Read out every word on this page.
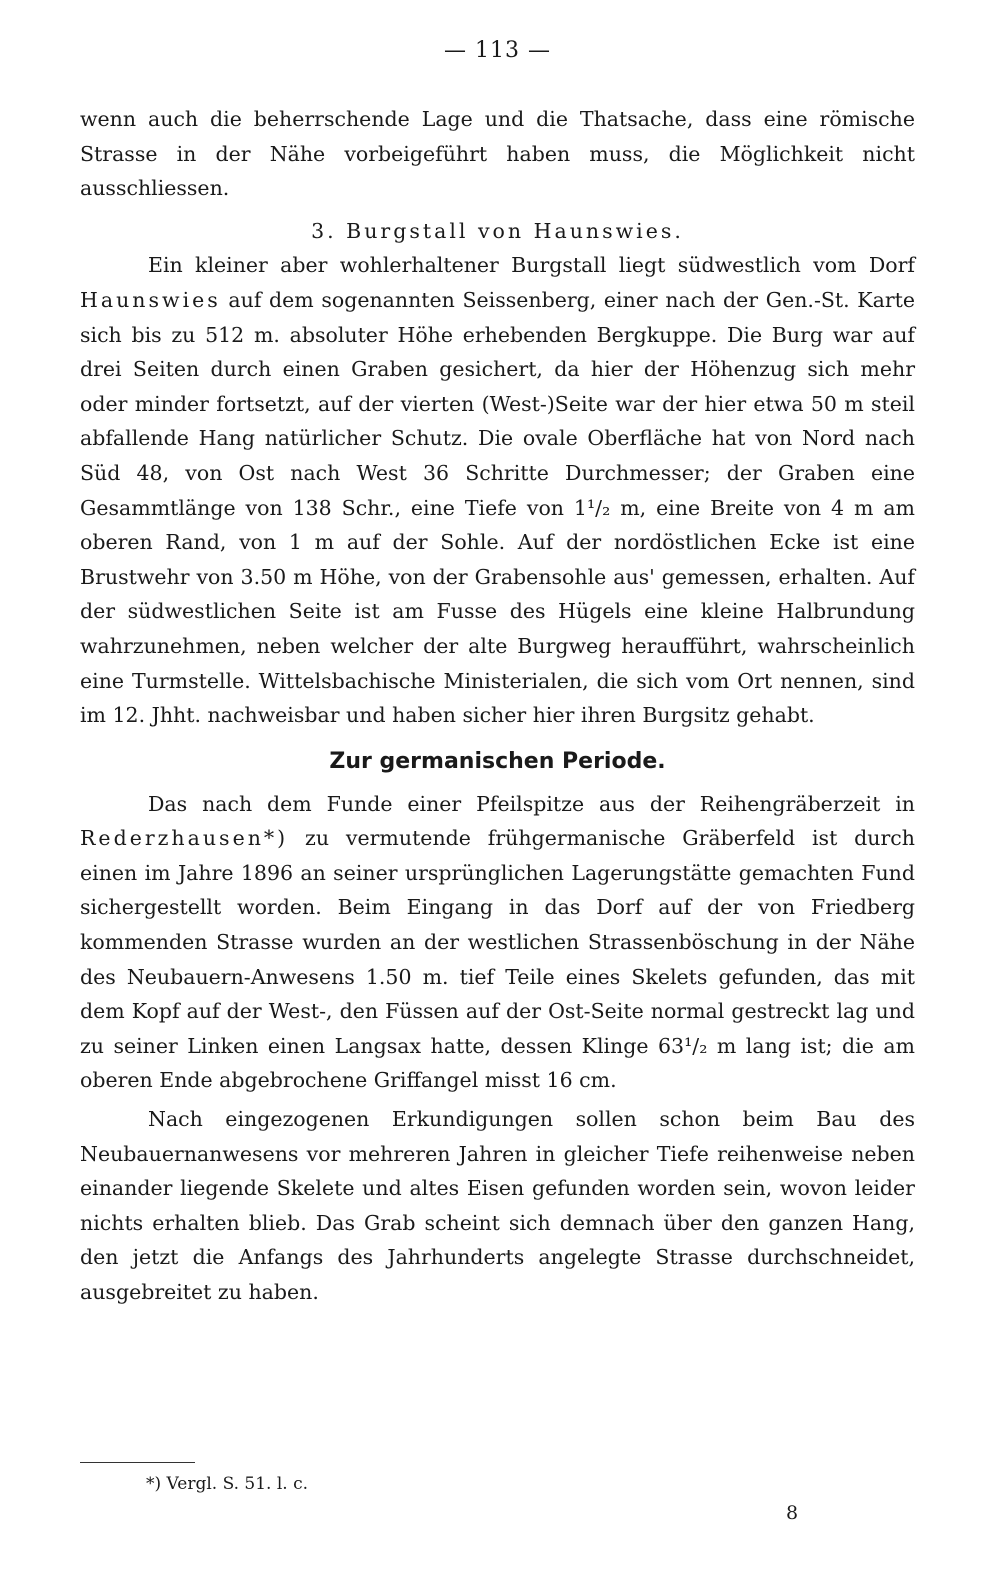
— 113 —

wenn auch die beherrschende Lage und die Thatsache, dass eine römische Strasse in der Nähe vorbeigeführt haben muss, die Möglichkeit nicht ausschliessen.

3. Burgstall von Haunswies.

Ein kleiner aber wohlerhaltener Burgstall liegt südwestlich vom Dorf Haunswies auf dem sogenannten Seissenberg, einer nach der Gen.-St. Karte sich bis zu 512 m. absoluter Höhe erhebenden Bergkuppe. Die Burg war auf drei Seiten durch einen Graben gesichert, da hier der Höhenzug sich mehr oder minder fortsetzt, auf der vierten (West-)Seite war der hier etwa 50 m steil abfallende Hang natürlicher Schutz. Die ovale Oberfläche hat von Nord nach Süd 48, von Ost nach West 36 Schritte Durchmesser; der Graben eine Gesammtlänge von 138 Schr., eine Tiefe von 1¹/₂ m, eine Breite von 4 m am oberen Rand, von 1 m auf der Sohle. Auf der nordöstlichen Ecke ist eine Brustwehr von 3.50 m Höhe, von der Grabensohle aus' gemessen, erhalten. Auf der südwestlichen Seite ist am Fusse des Hügels eine kleine Halbrundung wahrzunehmen, neben welcher der alte Burgweg heraufführt, wahrscheinlich eine Turmstelle. Wittelsbachische Ministerialen, die sich vom Ort nennen, sind im 12. Jhht. nachweisbar und haben sicher hier ihren Burgsitz gehabt.

Zur germanischen Periode.

Das nach dem Funde einer Pfeilspitze aus der Reihengräberzeit in Rederzhausen*) zu vermutende frühgermanische Gräberfeld ist durch einen im Jahre 1896 an seiner ursprünglichen Lagerungstätte gemachten Fund sichergestellt worden. Beim Eingang in das Dorf auf der von Friedberg kommenden Strasse wurden an der westlichen Strassenböschung in der Nähe des Neubauern-Anwesens 1.50 m. tief Teile eines Skelets gefunden, das mit dem Kopf auf der West-, den Füssen auf der Ost-Seite normal gestreckt lag und zu seiner Linken einen Langsax hatte, dessen Klinge 63¹/₂ m lang ist; die am oberen Ende abgebrochene Griffangel misst 16 cm.

Nach eingezogenen Erkundigungen sollen schon beim Bau des Neubauernanwesens vor mehreren Jahren in gleicher Tiefe reihenweise neben einander liegende Skelete und altes Eisen gefunden worden sein, wovon leider nichts erhalten blieb. Das Grab scheint sich demnach über den ganzen Hang, den jetzt die Anfangs des Jahrhunderts angelegte Strasse durchschneidet, ausgebreitet zu haben.

*) Vergl. S. 51. l. c.
8
